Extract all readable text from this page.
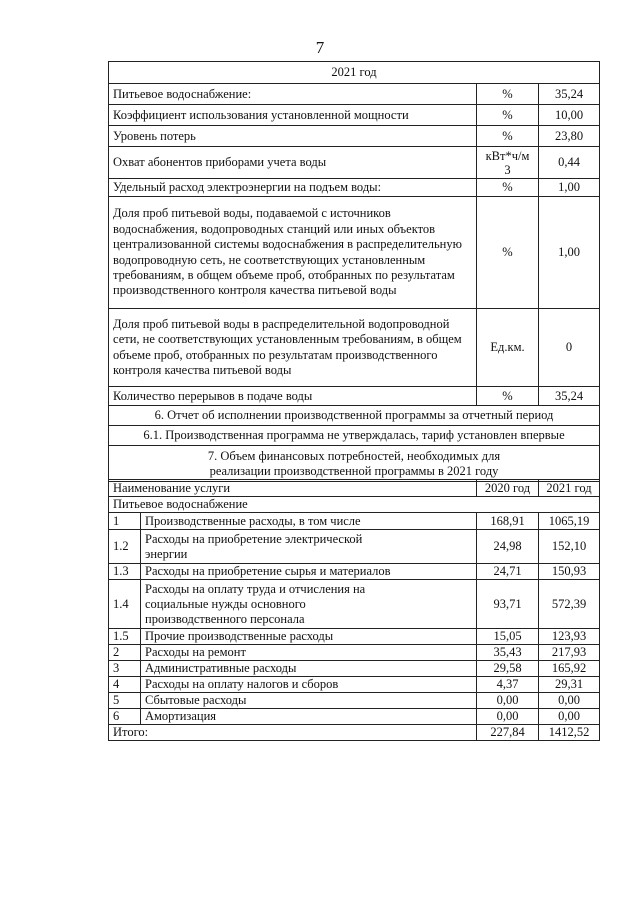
7
2021 год		
Питьевое водоснабжение:	%	35,24
Коэффициент использования установленной мощности	%	10,00
Уровень потерь	%	23,80
Охват абонентов приборами учета воды	кВт*ч/м 3	0,44
Удельный расход электроэнергии на подъем воды:	%	1,00
Доля проб питьевой воды, подаваемой с источников водоснабжения, водопроводных станций или иных объектов централизованной системы водоснабжения в распределительную водопроводную сеть, не соответствующих установленным требованиям, в общем объеме проб, отобранных по результатам производственного контроля качества питьевой воды	%	1,00
Доля проб питьевой воды в распределительной водопроводной сети, не соответствующих установленным требованиям, в общем объеме проб, отобранных по результатам производственного контроля качества питьевой воды	Ед.км.	0
Количество перерывов в подаче воды	%	35,24
6. Отчет об исполнении производственной программы за отчетный период		
6.1. Производственная программа не утверждалась, тариф установлен впервые		
7. Объем финансовых потребностей, необходимых для реализации производственной программы в 2021 году		
Наименование услуги		2020 год	2021 год
Питьевое водоснабжение			
1	Производственные расходы, в том числе	168,91	1065,19
1.2	Расходы на приобретение электрической энергии	24,98	152,10
1.3	Расходы на приобретение сырья и материалов	24,71	150,93
1.4	Расходы на оплату труда и отчисления на социальные нужды основного производственного персонала	93,71	572,39
1.5	Прочие производственные расходы	15,05	123,93
2	Расходы на ремонт	35,43	217,93
3	Административные расходы	29,58	165,92
4	Расходы на оплату налогов и сборов	4,37	29,31
5	Сбытовые расходы	0,00	0,00
6	Амортизация	0,00	0,00
Итого:		227,84	1412,52
